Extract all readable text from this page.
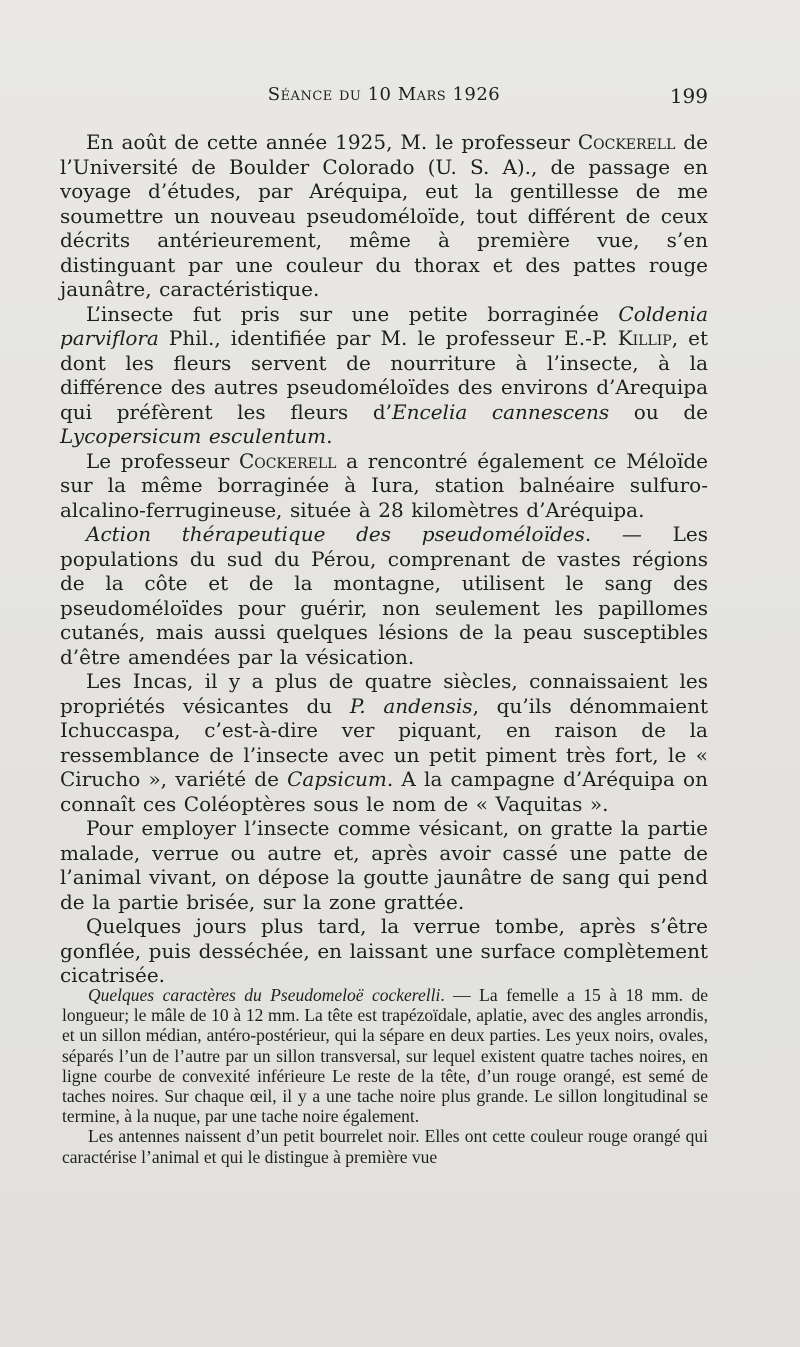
Séance du 10 Mars 1926	199

En août de cette année 1925, M. le professeur Cockerell de l’Université de Boulder Colorado (U. S. A)., de passage en voyage d’études, par Aréquipa, eut la gentillesse de me soumettre un nouveau pseudoméloïde, tout différent de ceux décrits antérieurement, même à première vue, s’en distinguant par une couleur du thorax et des pattes rouge jaunâtre, caractéristique.

L’insecte fut pris sur une petite borraginée Coldenia parviflora Phil., identifiée par M. le professeur E.-P. Killip, et dont les fleurs servent de nourriture à l’insecte, à la différence des autres pseudoméloïdes des environs d’Arequipa qui préfèrent les fleurs d’Encelia cannescens ou de Lycopersicum esculentum.

Le professeur Cockerell a rencontré également ce Méloïde sur la même borraginée à Iura, station balnéaire sulfuro-alcalino-ferrugineuse, située à 28 kilomètres d’Aréquipa.

Action thérapeutique des pseudoméloïdes. — Les populations du sud du Pérou, comprenant de vastes régions de la côte et de la montagne, utilisent le sang des pseudoméloïdes pour guérir, non seulement les papillomes cutanés, mais aussi quelques lésions de la peau susceptibles d’être amendées par la vésication.

Les Incas, il y a plus de quatre siècles, connaissaient les propriétés vésicantes du P. andensis, qu’ils dénommaient Ichuccaspa, c’est-à-dire ver piquant, en raison de la ressemblance de l’insecte avec un petit piment très fort, le « Cirucho », variété de Capsicum. A la campagne d’Aréquipa on connaît ces Coléoptères sous le nom de « Vaquitas ».

Pour employer l’insecte comme vésicant, on gratte la partie malade, verrue ou autre et, après avoir cassé une patte de l’animal vivant, on dépose la goutte jaunâtre de sang qui pend de la partie brisée, sur la zone grattée.

Quelques jours plus tard, la verrue tombe, après s’être gonflée, puis desséchée, en laissant une surface complètement cicatrisée.

Quelques caractères du Pseudomeloë cockerelli. — La femelle a 15 à 18 mm. de longueur; le mâle de 10 à 12 mm. La tête est trapézoïdale, aplatie, avec des angles arrondis, et un sillon médian, antéro-postérieur, qui la sépare en deux parties. Les yeux noirs, ovales, séparés l’un de l’autre par un sillon transversal, sur lequel existent quatre taches noires, en ligne courbe de convexité inférieure Le reste de la tête, d’un rouge orangé, est semé de taches noires. Sur chaque œil, il y a une tache noire plus grande. Le sillon longitudinal se termine, à la nuque, par une tache noire également.

Les antennes naissent d’un petit bourrelet noir. Elles ont cette couleur rouge orangé qui caractérise l’animal et qui le distingue à première vue
